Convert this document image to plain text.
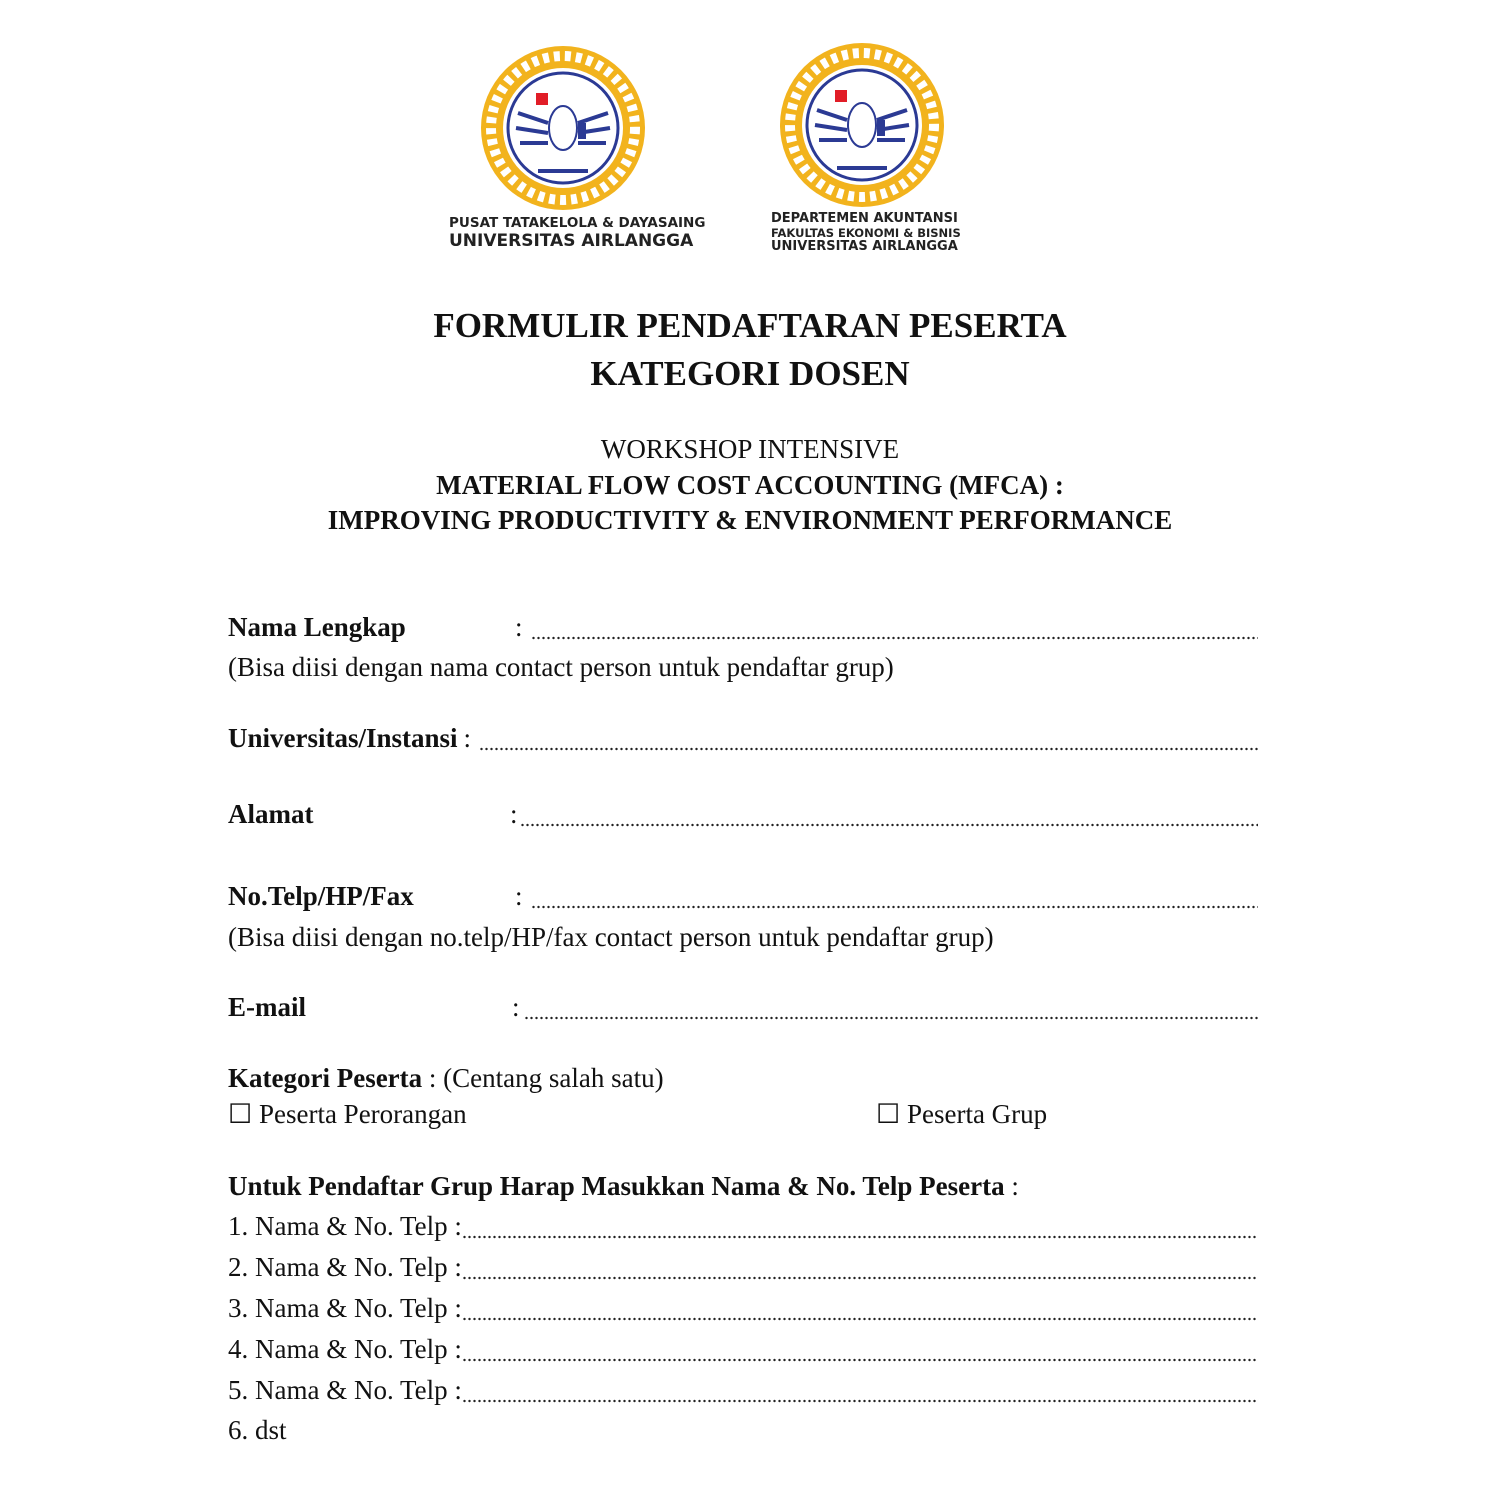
PUSAT TATAKELOLA & DAYASAING
UNIVERSITAS AIRLANGGA
DEPARTEMEN AKUNTANSI
FAKULTAS EKONOMI & BISNIS
UNIVERSITAS AIRLANGGA
FORMULIR PENDAFTARAN PESERTA
KATEGORI DOSEN
WORKSHOP INTENSIVE
MATERIAL FLOW COST ACCOUNTING (MFCA) :
IMPROVING PRODUCTIVITY & ENVIRONMENT PERFORMANCE
Nama Lengkap	:
(Bisa diisi dengan nama contact person untuk pendaftar grup)
Universitas/Instansi :
Alamat	:
No.Telp/HP/Fax	:
(Bisa diisi dengan no.telp/HP/fax contact person untuk pendaftar grup)
E-mail	:
Kategori Peserta : (Centang salah satu)
☐ Peserta Perorangan	☐ Peserta Grup
Untuk Pendaftar Grup Harap Masukkan Nama & No. Telp Peserta :
1. Nama & No. Telp :
2. Nama & No. Telp :
3. Nama & No. Telp :
4. Nama & No. Telp :
5. Nama & No. Telp :
6. dst
